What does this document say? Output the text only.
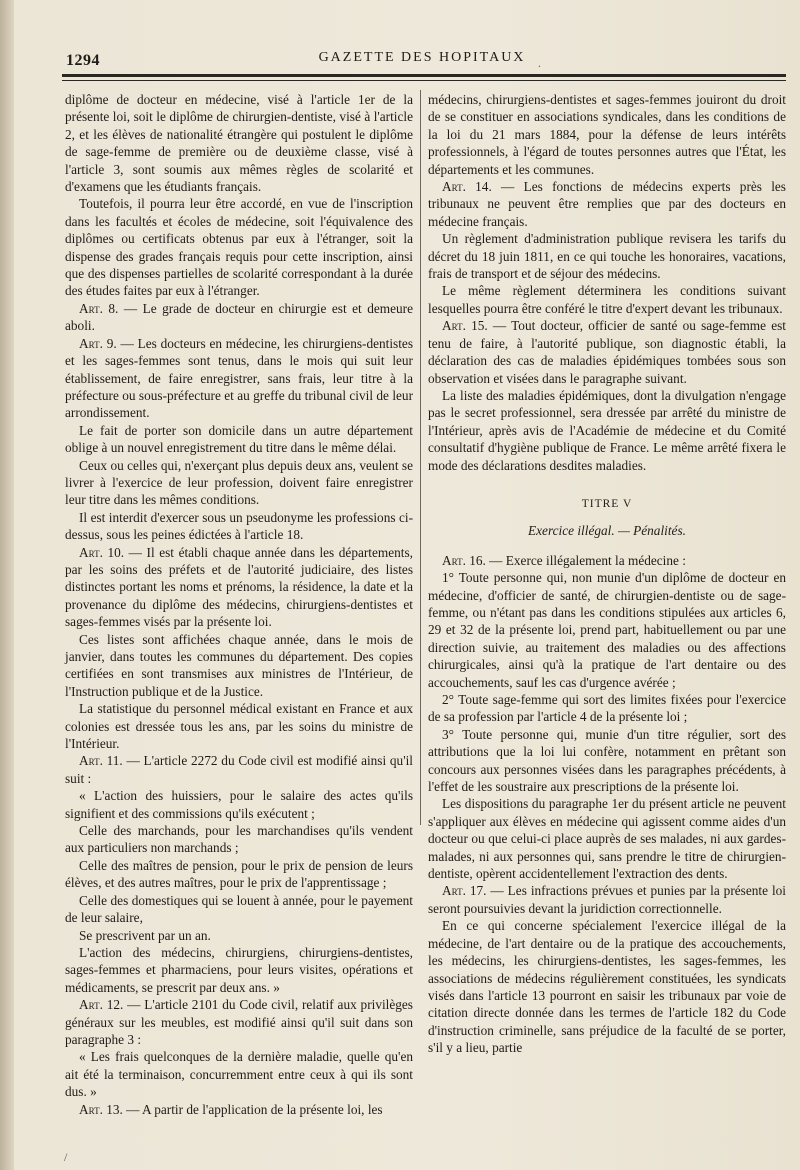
1294	GAZETTE DES HOPITAUX

diplôme de docteur en médecine, visé à l'article 1er de la présente loi, soit le diplôme de chirurgien-dentiste, visé à l'article 2, et les élèves de nationalité étrangère qui postulent le diplôme de sage-femme de première ou de deuxième classe, visé à l'article 3, sont soumis aux mêmes règles de scolarité et d'examens que les étudiants français.

Toutefois, il pourra leur être accordé, en vue de l'inscription dans les facultés et écoles de médecine, soit l'équivalence des diplômes ou certificats obtenus par eux à l'étranger, soit la dispense des grades français requis pour cette inscription, ainsi que des dispenses partielles de scolarité correspondant à la durée des études faites par eux à l'étranger.

Art. 8. — Le grade de docteur en chirurgie est et demeure aboli.

Art. 9. — Les docteurs en médecine, les chirurgiens-dentistes et les sages-femmes sont tenus, dans le mois qui suit leur établissement, de faire enregistrer, sans frais, leur titre à la préfecture ou sous-préfecture et au greffe du tribunal civil de leur arrondissement.

Le fait de porter son domicile dans un autre département oblige à un nouvel enregistrement du titre dans le même délai.

Ceux ou celles qui, n'exerçant plus depuis deux ans, veulent se livrer à l'exercice de leur profession, doivent faire enregistrer leur titre dans les mêmes conditions.

Il est interdit d'exercer sous un pseudonyme les professions ci-dessus, sous les peines édictées à l'article 18.

Art. 10. — Il est établi chaque année dans les départements, par les soins des préfets et de l'autorité judiciaire, des listes distinctes portant les noms et prénoms, la résidence, la date et la provenance du diplôme des médecins, chirurgiens-dentistes et sages-femmes visés par la présente loi.

Ces listes sont affichées chaque année, dans le mois de janvier, dans toutes les communes du département. Des copies certifiées en sont transmises aux ministres de l'Intérieur, de l'Instruction publique et de la Justice.

La statistique du personnel médical existant en France et aux colonies est dressée tous les ans, par les soins du ministre de l'Intérieur.

Art. 11. — L'article 2272 du Code civil est modifié ainsi qu'il suit :

« L'action des huissiers, pour le salaire des actes qu'ils signifient et des commissions qu'ils exécutent ;

Celle des marchands, pour les marchandises qu'ils vendent aux particuliers non marchands ;

Celle des maîtres de pension, pour le prix de pension de leurs élèves, et des autres maîtres, pour le prix de l'apprentissage ;

Celle des domestiques qui se louent à année, pour le payement de leur salaire,

Se prescrivent par un an.

L'action des médecins, chirurgiens, chirurgiens-dentistes, sages-femmes et pharmaciens, pour leurs visites, opérations et médicaments, se prescrit par deux ans. »

Art. 12. — L'article 2101 du Code civil, relatif aux privilèges généraux sur les meubles, est modifié ainsi qu'il suit dans son paragraphe 3 :

« Les frais quelconques de la dernière maladie, quelle qu'en ait été la terminaison, concurremment entre ceux à qui ils sont dus. »

Art. 13. — A partir de l'application de la présente loi, les

médecins, chirurgiens-dentistes et sages-femmes jouiront du droit de se constituer en associations syndicales, dans les conditions de la loi du 21 mars 1884, pour la défense de leurs intérêts professionnels, à l'égard de toutes personnes autres que l'État, les départements et les communes.

Art. 14. — Les fonctions de médecins experts près les tribunaux ne peuvent être remplies que par des docteurs en médecine français.

Un règlement d'administration publique revisera les tarifs du décret du 18 juin 1811, en ce qui touche les honoraires, vacations, frais de transport et de séjour des médecins.

Le même règlement déterminera les conditions suivant lesquelles pourra être conféré le titre d'expert devant les tribunaux.

Art. 15. — Tout docteur, officier de santé ou sage-femme est tenu de faire, à l'autorité publique, son diagnostic établi, la déclaration des cas de maladies épidémiques tombées sous son observation et visées dans le paragraphe suivant.

La liste des maladies épidémiques, dont la divulgation n'engage pas le secret professionnel, sera dressée par arrêté du ministre de l'Intérieur, après avis de l'Académie de médecine et du Comité consultatif d'hygiène publique de France. Le même arrêté fixera le mode des déclarations desdites maladies.

TITRE V
Exercice illégal. — Pénalités.

Art. 16. — Exerce illégalement la médecine :

1° Toute personne qui, non munie d'un diplôme de docteur en médecine, d'officier de santé, de chirurgien-dentiste ou de sage-femme, ou n'étant pas dans les conditions stipulées aux articles 6, 29 et 32 de la présente loi, prend part, habituellement ou par une direction suivie, au traitement des maladies ou des affections chirurgicales, ainsi qu'à la pratique de l'art dentaire ou des accouchements, sauf les cas d'urgence avérée ;

2° Toute sage-femme qui sort des limites fixées pour l'exercice de sa profession par l'article 4 de la présente loi ;

3° Toute personne qui, munie d'un titre régulier, sort des attributions que la loi lui confère, notamment en prêtant son concours aux personnes visées dans les paragraphes précédents, à l'effet de les soustraire aux prescriptions de la présente loi.

Les dispositions du paragraphe 1er du présent article ne peuvent s'appliquer aux élèves en médecine qui agissent comme aides d'un docteur ou que celui-ci place auprès de ses malades, ni aux gardes-malades, ni aux personnes qui, sans prendre le titre de chirurgien-dentiste, opèrent accidentellement l'extraction des dents.

Art. 17. — Les infractions prévues et punies par la présente loi seront poursuivies devant la juridiction correctionnelle.

En ce qui concerne spécialement l'exercice illégal de la médecine, de l'art dentaire ou de la pratique des accouchements, les médecins, les chirurgiens-dentistes, les sages-femmes, les associations de médecins régulièrement constituées, les syndicats visés dans l'article 13 pourront en saisir les tribunaux par voie de citation directe donnée dans les termes de l'article 182 du Code d'instruction criminelle, sans préjudice de la faculté de se porter, s'il y a lieu, partie

.
/
